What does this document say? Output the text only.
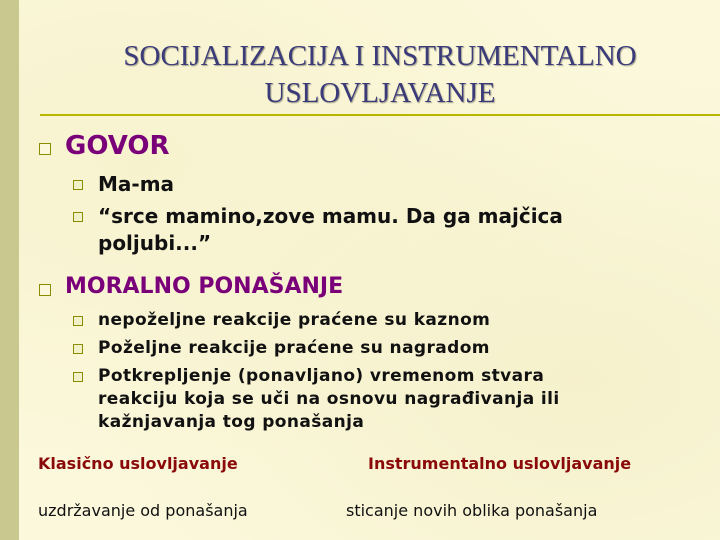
SOCIJALIZACIJA I INSTRUMENTALNO
USLOVLJAVANJE
GOVOR
Ma-ma
“srce mamino,zove mamu. Da ga majčica
poljubi...”
MORALNO PONAŠANJE
nepoželjne reakcije praćene su kaznom
Poželjne reakcije praćene su nagradom
Potkrepljenje (ponavljano) vremenom stvara
reakciju koja se uči na osnovu nagrađivanja ili
kažnjavanja tog ponašanja
Klasično uslovljavanje	Instrumentalno uslovljavanje
uzdržavanje od ponašanja	sticanje novih oblika ponašanja
